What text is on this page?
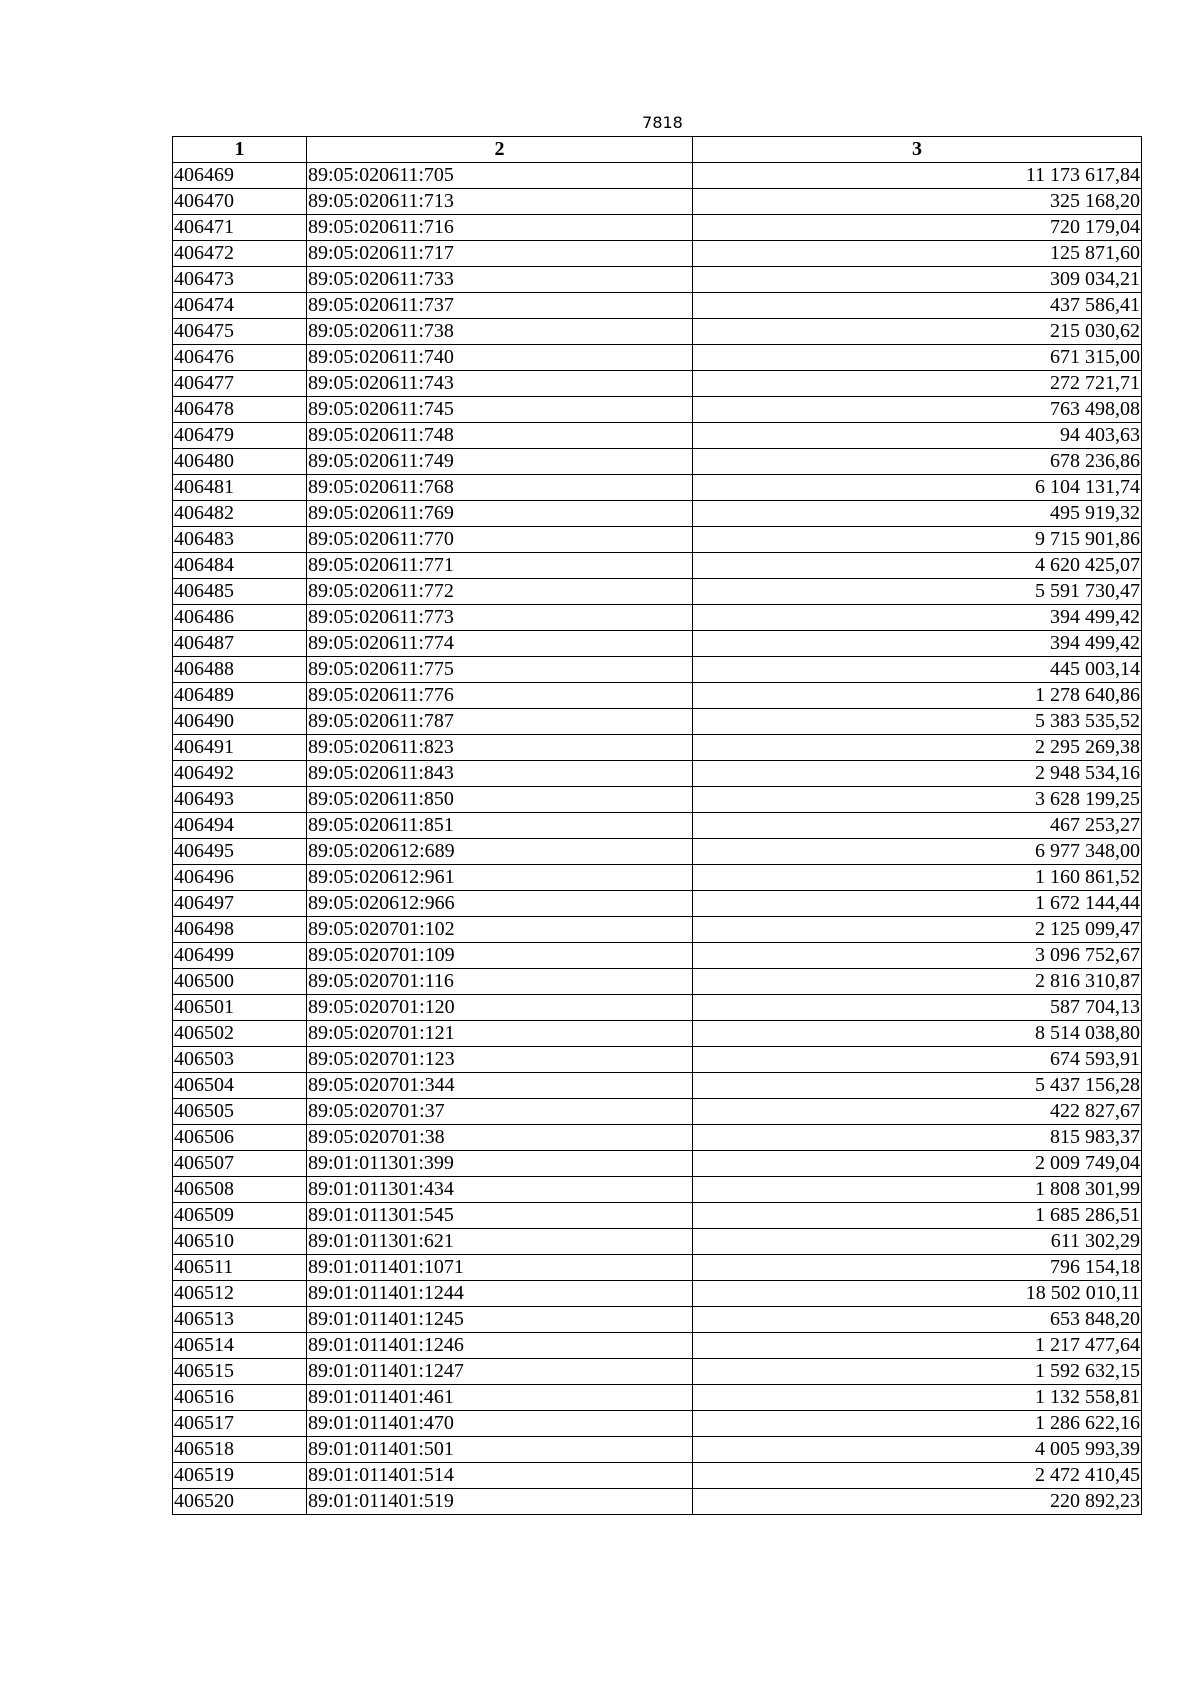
7818
1	2	3
406469	89:05:020611:705	11 173 617,84
406470	89:05:020611:713	325 168,20
406471	89:05:020611:716	720 179,04
406472	89:05:020611:717	125 871,60
406473	89:05:020611:733	309 034,21
406474	89:05:020611:737	437 586,41
406475	89:05:020611:738	215 030,62
406476	89:05:020611:740	671 315,00
406477	89:05:020611:743	272 721,71
406478	89:05:020611:745	763 498,08
406479	89:05:020611:748	94 403,63
406480	89:05:020611:749	678 236,86
406481	89:05:020611:768	6 104 131,74
406482	89:05:020611:769	495 919,32
406483	89:05:020611:770	9 715 901,86
406484	89:05:020611:771	4 620 425,07
406485	89:05:020611:772	5 591 730,47
406486	89:05:020611:773	394 499,42
406487	89:05:020611:774	394 499,42
406488	89:05:020611:775	445 003,14
406489	89:05:020611:776	1 278 640,86
406490	89:05:020611:787	5 383 535,52
406491	89:05:020611:823	2 295 269,38
406492	89:05:020611:843	2 948 534,16
406493	89:05:020611:850	3 628 199,25
406494	89:05:020611:851	467 253,27
406495	89:05:020612:689	6 977 348,00
406496	89:05:020612:961	1 160 861,52
406497	89:05:020612:966	1 672 144,44
406498	89:05:020701:102	2 125 099,47
406499	89:05:020701:109	3 096 752,67
406500	89:05:020701:116	2 816 310,87
406501	89:05:020701:120	587 704,13
406502	89:05:020701:121	8 514 038,80
406503	89:05:020701:123	674 593,91
406504	89:05:020701:344	5 437 156,28
406505	89:05:020701:37	422 827,67
406506	89:05:020701:38	815 983,37
406507	89:01:011301:399	2 009 749,04
406508	89:01:011301:434	1 808 301,99
406509	89:01:011301:545	1 685 286,51
406510	89:01:011301:621	611 302,29
406511	89:01:011401:1071	796 154,18
406512	89:01:011401:1244	18 502 010,11
406513	89:01:011401:1245	653 848,20
406514	89:01:011401:1246	1 217 477,64
406515	89:01:011401:1247	1 592 632,15
406516	89:01:011401:461	1 132 558,81
406517	89:01:011401:470	1 286 622,16
406518	89:01:011401:501	4 005 993,39
406519	89:01:011401:514	2 472 410,45
406520	89:01:011401:519	220 892,23
